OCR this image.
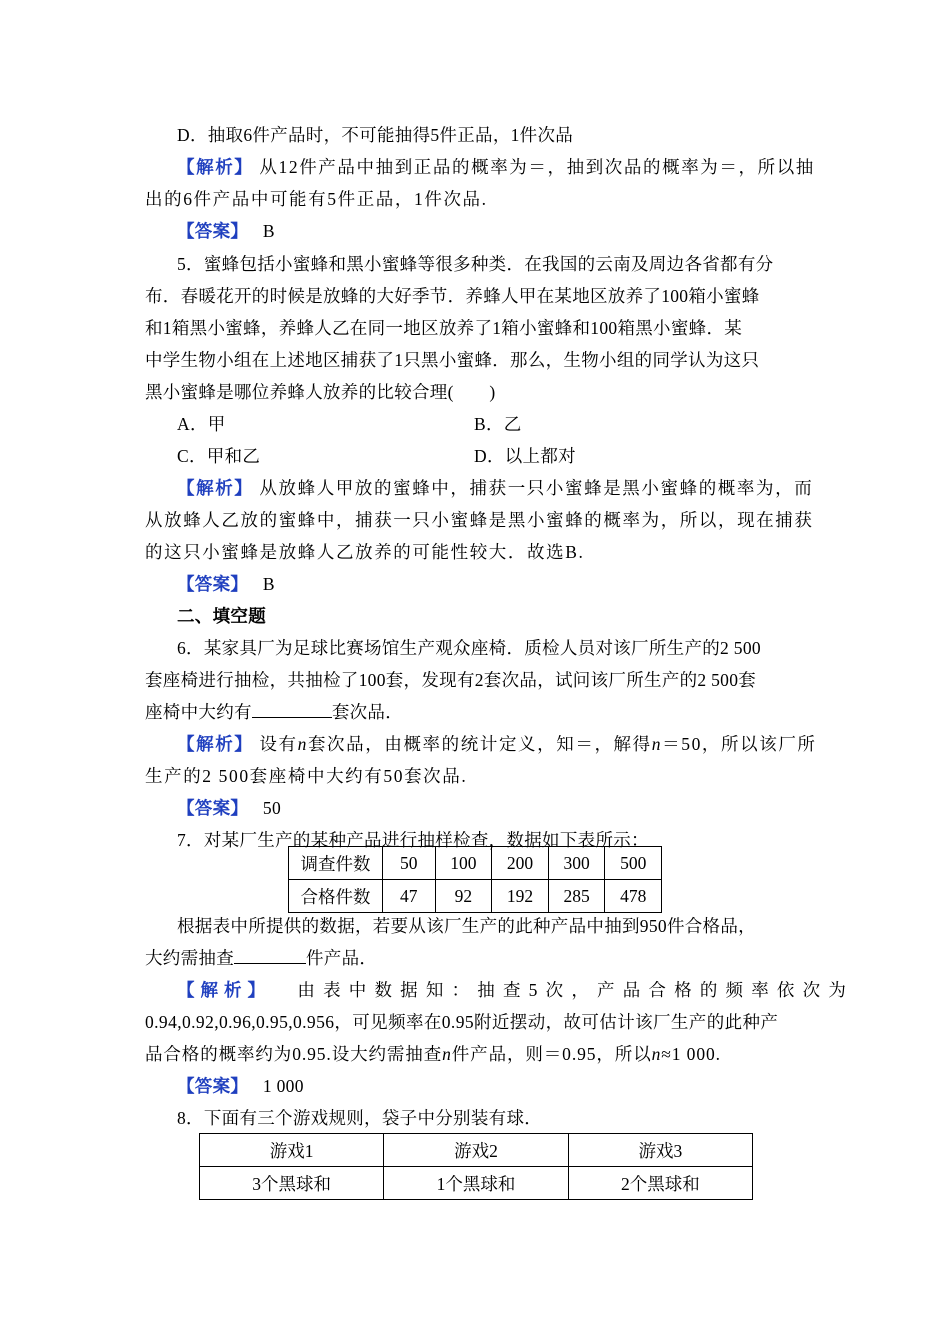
D．抽取6件产品时，不可能抽得5件正品，1件次品
【解析】 从12件产品中抽到正品的概率为＝，抽到次品的概率为＝，所以抽
出的6件产品中可能有5件正品，1件次品.
【答案】 B
5．蜜蜂包括小蜜蜂和黑小蜜蜂等很多种类．在我国的云南及周边各省都有分
布．春暖花开的时候是放蜂的大好季节．养蜂人甲在某地区放养了100箱小蜜蜂
和1箱黑小蜜蜂，养蜂人乙在同一地区放养了1箱小蜜蜂和100箱黑小蜜蜂．某
中学生物小组在上述地区捕获了1只黑小蜜蜂．那么，生物小组的同学认为这只
黑小蜜蜂是哪位养蜂人放养的比较合理(　　)
A．甲	B．乙
C．甲和乙	D．以上都对
【解析】 从放蜂人甲放的蜜蜂中，捕获一只小蜜蜂是黑小蜜蜂的概率为，而
从放蜂人乙放的蜜蜂中，捕获一只小蜜蜂是黑小蜜蜂的概率为，所以，现在捕获
的这只小蜜蜂是放蜂人乙放养的可能性较大．故选B.
【答案】 B
二、填空题
6．某家具厂为足球比赛场馆生产观众座椅．质检人员对该厂所生产的2 500
套座椅进行抽检，共抽检了100套，发现有2套次品，试问该厂所生产的2 500套
座椅中大约有	套次品．
【解析】 设有n套次品，由概率的统计定义，知＝，解得n＝50，所以该厂所
生产的2 500套座椅中大约有50套次品.
【答案】 50
7．对某厂生产的某种产品进行抽样检查，数据如下表所示：
调查件数	50	100	200	300	500
合格件数	47	92	192	285	478
根据表中所提供的数据，若要从该厂生产的此种产品中抽到950件合格品，
大约需抽查	件产品．
【解析】 由表中数据知：抽查5次，产品合格的频率依次为
0.94,0.92,0.96,0.95,0.956，可见频率在0.95附近摆动，故可估计该厂生产的此种产
品合格的概率约为0.95.设大约需抽查n件产品，则＝0.95，所以n≈1 000.
【答案】 1 000
8．下面有三个游戏规则，袋子中分别装有球．
游戏1	游戏2	游戏3
3个黑球和	1个黑球和	2个黑球和
